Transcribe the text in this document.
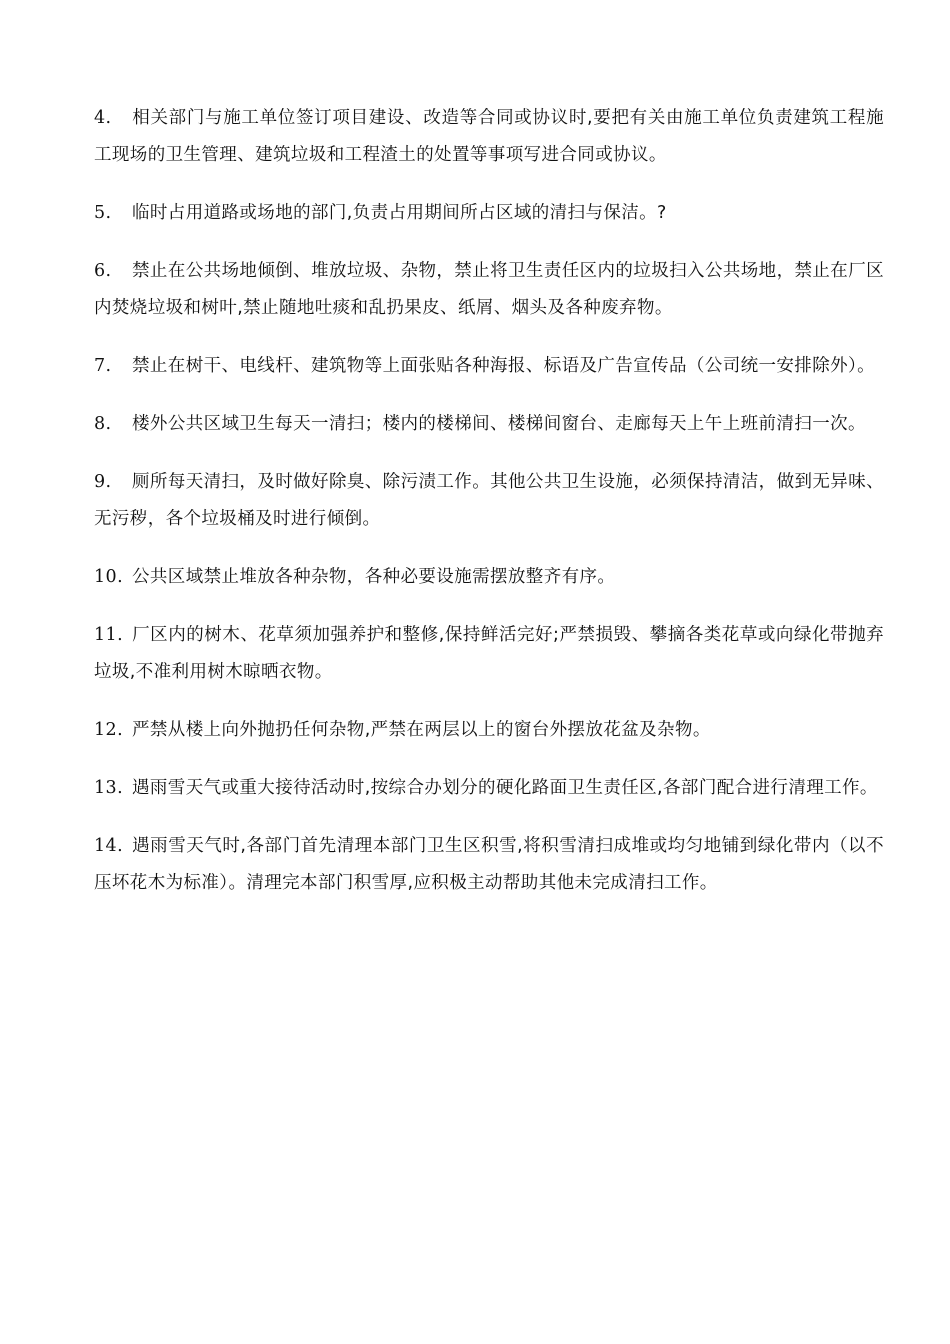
4. 相关部门与施工单位签订项目建设、改造等合同或协议时,要把有关由施工单位负责建筑工程施工现场的卫生管理、建筑垃圾和工程渣土的处置等事项写进合同或协议。

5. 临时占用道路或场地的部门,负责占用期间所占区域的清扫与保洁。?

6. 禁止在公共场地倾倒、堆放垃圾、杂物，禁止将卫生责任区内的垃圾扫入公共场地，禁止在厂区内焚烧垃圾和树叶,禁止随地吐痰和乱扔果皮、纸屑、烟头及各种废弃物。

7. 禁止在树干、电线杆、建筑物等上面张贴各种海报、标语及广告宣传品（公司统一安排除外）。

8. 楼外公共区域卫生每天一清扫；楼内的楼梯间、楼梯间窗台、走廊每天上午上班前清扫一次。

9. 厕所每天清扫，及时做好除臭、除污渍工作。其他公共卫生设施，必须保持清洁，做到无异味、无污秽，各个垃圾桶及时进行倾倒。

10. 公共区域禁止堆放各种杂物，各种必要设施需摆放整齐有序。

11. 厂区内的树木、花草须加强养护和整修,保持鲜活完好;严禁损毁、攀摘各类花草或向绿化带抛弃垃圾,不准利用树木晾晒衣物。

12. 严禁从楼上向外抛扔任何杂物,严禁在两层以上的窗台外摆放花盆及杂物。

13. 遇雨雪天气或重大接待活动时,按综合办划分的硬化路面卫生责任区,各部门配合进行清理工作。

14. 遇雨雪天气时,各部门首先清理本部门卫生区积雪,将积雪清扫成堆或均匀地铺到绿化带内（以不压坏花木为标准）。清理完本部门积雪厚,应积极主动帮助其他未完成清扫工作。
